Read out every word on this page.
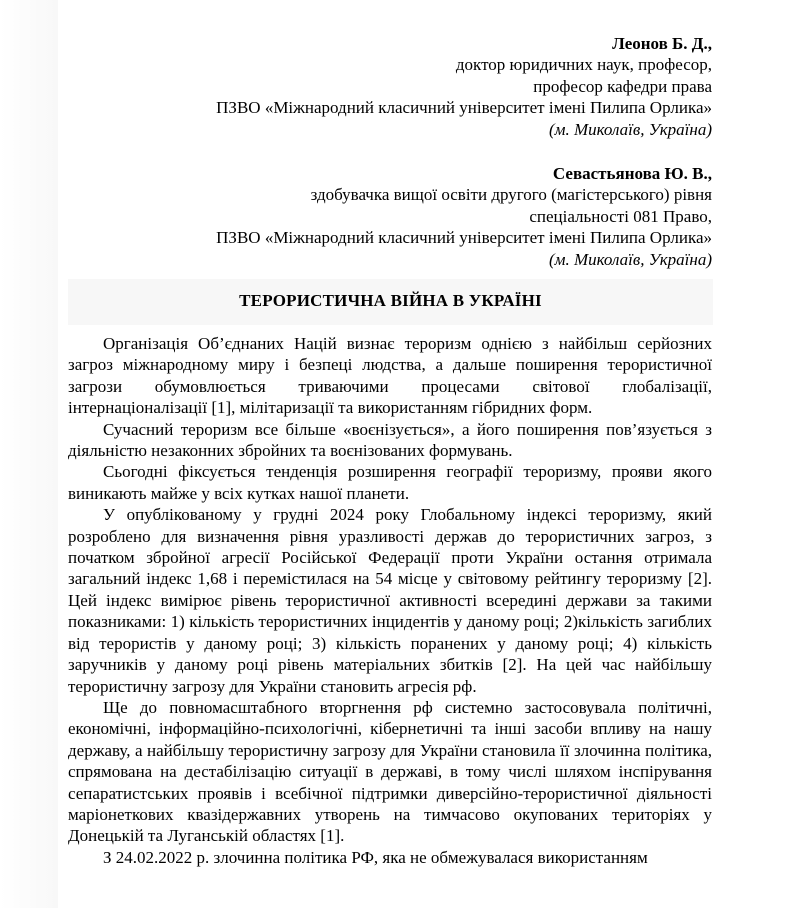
Леонов Б. Д.,
доктор юридичних наук, професор,
професор кафедри права
ПЗВО «Міжнародний класичний університет імені Пилипа Орлика»
(м. Миколаїв, Україна)
Севастьянова Ю. В.,
здобувачка вищої освіти другого (магістерського) рівня
спеціальності 081 Право,
ПЗВО «Міжнародний класичний університет імені Пилипа Орлика»
(м. Миколаїв, Україна)
ТЕРОРИСТИЧНА ВІЙНА В УКРАЇНІ

Організація Об’єднаних Націй визнає тероризм однією з найбільш серйозних загроз міжнародному миру і безпеці людства, а дальше поширення терористичної загрози обумовлюється триваючими процесами світової глобалізації, інтернаціоналізації [1], мілітаризації та використанням гібридних форм.

Сучасний тероризм все більше «воєнізується», а його поширення пов’язується з діяльністю незаконних збройних та воєнізованих формувань.

Сьогодні фіксується тенденція розширення географії тероризму, прояви якого виникають майже у всіх кутках нашої планети.

У опублікованому у грудні 2024 року Глобальному індексі тероризму, який розроблено для визначення рівня уразливості держав до терористичних загроз, з початком збройної агресії Російської Федерації проти України остання отримала загальний індекс 1,68 і перемістилася на 54 місце у світовому рейтингу тероризму [2]. Цей індекс вимірює рівень терористичної активності всередині держави за такими показниками: 1) кількість терористичних інцидентів у даному році; 2)кількість загиблих від терористів у даному році; 3) кількість поранених у даному році; 4) кількість заручників у даному році рівень матеріальних збитків [2]. На цей час найбільшу терористичну загрозу для України становить агресія рф.

Ще до повномасштабного вторгнення рф системно застосовувала політичні, економічні, інформаційно-психологічні, кібернетичні та інші засоби впливу на нашу державу, а найбільшу терористичну загрозу для України становила її злочинна політика, спрямована на дестабілізацію ситуації в державі, в тому числі шляхом інспірування сепаратистських проявів і всебічної підтримки диверсійно-терористичної діяльності маріонеткових квазідержавних утворень на тимчасово окупованих територіях у Донецькій та Луганській областях [1].

З 24.02.2022 р. злочинна політика РФ, яка не обмежувалася використанням
